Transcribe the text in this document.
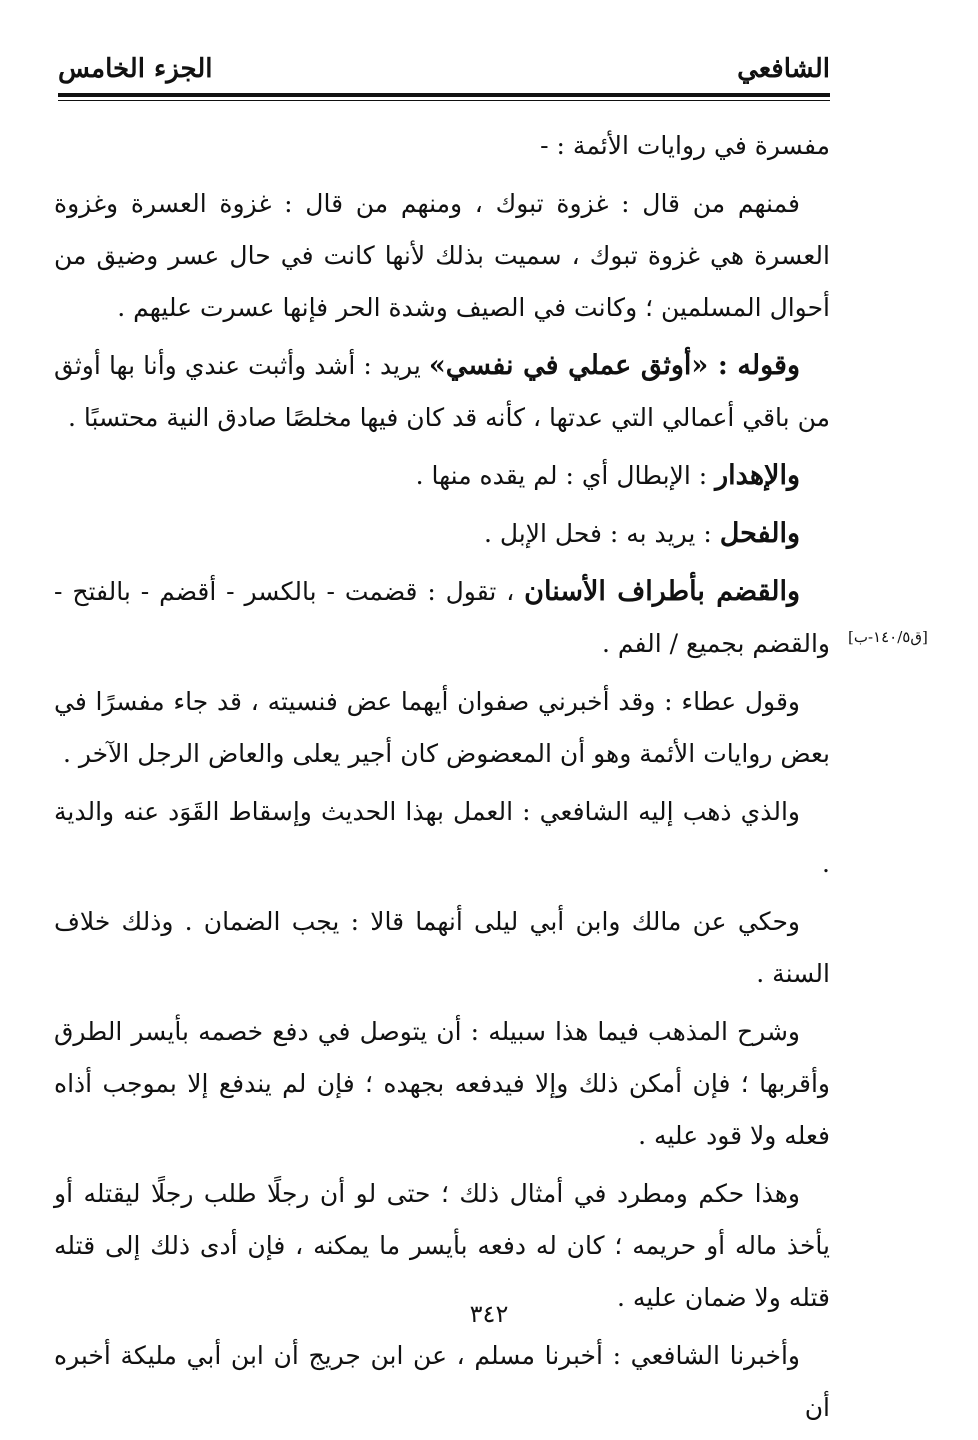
الجزء الخامس	الشافعي

مفسرة في روايات الأئمة : -

فمنهم من قال : غزوة تبوك ، ومنهم من قال : غزوة العسرة وغزوة العسرة هي غزوة تبوك ، سميت بذلك لأنها كانت في حال عسر وضيق من أحوال المسلمين ؛ وكانت في الصيف وشدة الحر فإنها عسرت عليهم .

وقوله : «أوثق عملي في نفسي» يريد : أشد وأثبت عندي وأنا بها أوثق من باقي أعمالي التي عدتها ، كأنه قد كان فيها مخلصًا صادق النية محتسبًا .

والإهدار : الإبطال أي : لم يقده منها .

والفحل : يريد به : فحل الإبل .

والقضم بأطراف الأسنان ، تقول : قضمت - بالكسر - أقضم - بالفتح - والقضم بجميع / الفم .

وقول عطاء : وقد أخبرني صفوان أيهما عض فنسيته ، قد جاء مفسرًا في بعض روايات الأئمة وهو أن المعضوض كان أجير يعلى والعاض الرجل الآخر .

والذي ذهب إليه الشافعي : العمل بهذا الحديث وإسقاط القَوَد عنه والدية .

وحكي عن مالك وابن أبي ليلى أنهما قالا : يجب الضمان . وذلك خلاف السنة .

وشرح المذهب فيما هذا سبيله : أن يتوصل في دفع خصمه بأيسر الطرق وأقربها ؛ فإن أمكن ذلك وإلا فيدفعه بجهده ؛ فإن لم يندفع إلا بموجب أذاه فعله ولا قود عليه .

وهذا حكم ومطرد في أمثال ذلك ؛ حتى لو أن رجلًا طلب رجلًا ليقتله أو يأخذ ماله أو حريمه ؛ كان له دفعه بأيسر ما يمكنه ، فإن أدى ذلك إلى قتله قتله ولا ضمان عليه .

وأخبرنا الشافعي : أخبرنا مسلم ، عن ابن جريج أن ابن أبي مليكة أخبره أن

[ق١٤٠/٥-ب]
٣٤٢
